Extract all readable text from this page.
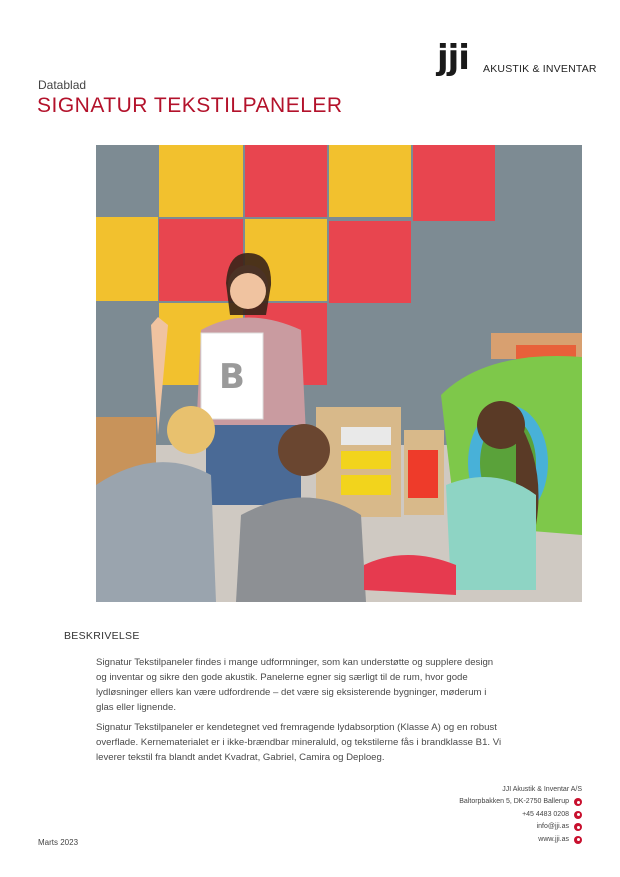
jji AKUSTIK & INVENTAR
Datablad
SIGNATUR TEKSTILPANELER
B
BESKRIVELSE

Signatur Tekstilpaneler findes i mange udformninger, som kan understøtte og supplere design og inventar og sikre den gode akustik. Panelerne egner sig særligt til de rum, hvor gode lydløsninger ellers kan være udfordrende – det være sig eksisterende bygninger, møderum i glas eller lignende.

Signatur Tekstilpaneler er kendetegnet ved fremragende lydabsorption (Klasse A) og en robust overflade. Kernematerialet er i ikke-brændbar mineraluld, og tekstilerne fås i brandklasse B1. Vi leverer tekstil fra blandt andet Kvadrat, Gabriel, Camira og Deploeg.

JJI Akustik & Inventar A/S
Baltorpbakken 5, DK-2750 Ballerup
+45 4483 0208
info@jji.as
www.jji.as
Marts 2023
